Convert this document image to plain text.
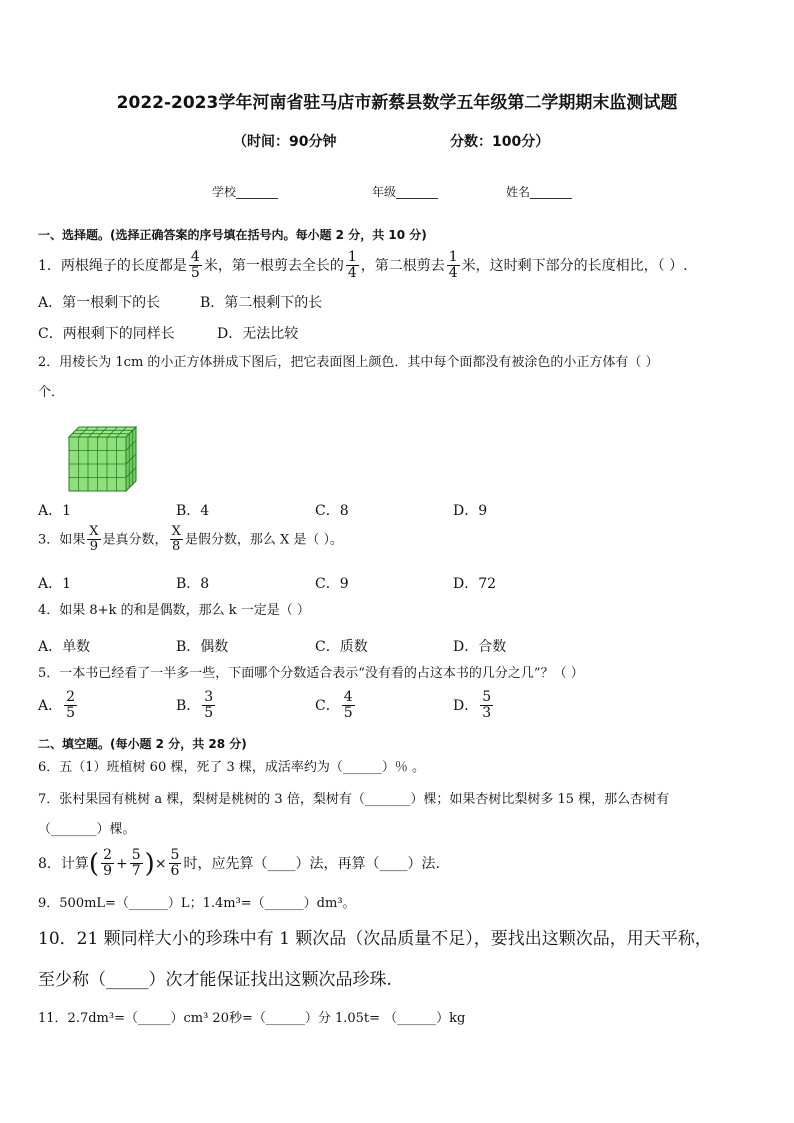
2022-2023学年河南省驻马店市新蔡县数学五年级第二学期期末监测试题
（时间：90分钟	分数：100分）
学校_______	年级_______	姓名_______
一、选择题。(选择正确答案的序号填在括号内。每小题 2 分，共 10 分)
1．两根绳子的长度都是 $\frac{4}{5}$ 米，第一根剪去全长的 $\frac{1}{4}$ ，第二根剪去 $\frac{1}{4}$ 米，这时剩下部分的长度相比，（ ）.
A．第一根剩下的长	B．第二根剩下的长
C．两根剩下的同样长	D．无法比较
2．用棱长为 1cm 的小正方体拼成下图后，把它表面图上颜色．其中每个面都没有被涂色的小正方体有（ ）
个．
A．1	B．4	C．8	D．9
3．如果 $\frac{X}{9}$ 是真分数， $\frac{X}{8}$ 是假分数，那么 X 是（ ）。
A．1	B．8	C．9	D．72
4．如果 8+k 的和是偶数，那么 k 一定是（ ）
A．单数	B．偶数	C．质数	D．合数
5．一本书已经看了一半多一些，下面哪个分数适合表示“没有看的占这本书的几分之几”？（ ）
A． $\frac{2}{5}$	B． $\frac{3}{5}$	C． $\frac{4}{5}$	D． $\frac{5}{3}$
二、填空题。(每小题 2 分，共 28 分)
6．五（1）班植树 60 棵，死了 3 棵，成活率约为（______）％ 。
7．张村果园有桃树 a 棵，梨树是桃树的 3 倍，梨树有（_______）棵；如果杏树比梨树多 15 棵，那么杏树有
（_______）棵。
8．计算( $\frac{2}{9} + \frac{5}{7}$ )× $\frac{5}{6}$ 时，应先算（____）法，再算（____）法.
9．500mL=（______）L；1.4m³=（______）dm³。
10．21 颗同样大小的珍珠中有 1 颗次品（次品质量不足），要找出这颗次品，用天平称，
至少称（_____）次才能保证找出这颗次品珍珠.
11．2.7dm³=（_____）cm³ 20秒=（______）分 1.05t= （______）kg
